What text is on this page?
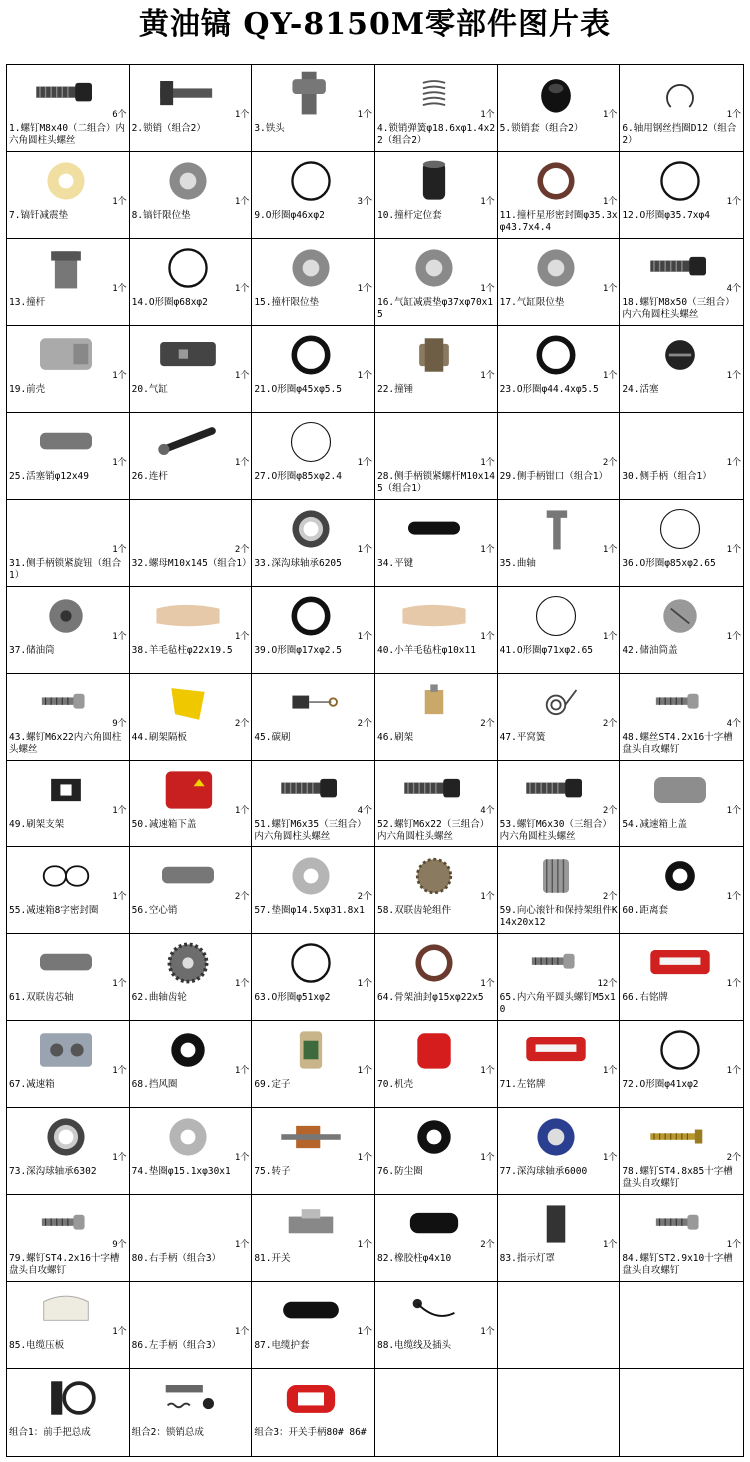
黄油镐 QY-8150M零部件图片表
6个
1.螺钉M8x40（二组合）内六角圆柱头螺丝
1个
2.锁销（组合2）
1个
3.铁头
1个
4.锁销弹簧φ18.6xφ1.4x22（组合2）
1个
5.锁销套（组合2）
1个
6.轴用钢丝挡圈D12（组合2）
1个
7.镐钎减震垫
1个
8.镐钎限位垫
3个
9.O形圈φ46xφ2
1个
10.撞杆定位套
1个
11.撞杆星形密封圈φ35.3xφ43.7x4.4
1个
12.O形圈φ35.7xφ4
1个
13.撞杆
1个
14.O形圈φ68xφ2
1个
15.撞杆限位垫
1个
16.气缸减震垫φ37xφ70x15
1个
17.气缸限位垫
4个
18.螺钉M8x50（三组合）内六角圆柱头螺丝
1个
19.前壳
1个
20.气缸
1个
21.O形圈φ45xφ5.5
1个
22.撞锤
1个
23.O形圈φ44.4xφ5.5
1个
24.活塞
1个
25.活塞销φ12x49
1个
26.连杆
1个
27.O形圈φ85xφ2.4
1个
28.侧手柄锁紧螺杆M10x145（组合1）
2个
29.侧手柄钳口（组合1）
1个
30.侧手柄（组合1）
1个
31.侧手柄锁紧旋钮（组合1）
2个
32.螺母M10x145（组合1）
1个
33.深沟球轴承6205
1个
34.平键
1个
35.曲轴
1个
36.O形圈φ85xφ2.65
1个
37.储油筒
1个
38.羊毛毡柱φ22x19.5
1个
39.O形圈φ17xφ2.5
1个
40.小羊毛毡柱φ10x11
1个
41.O形圈φ71xφ2.65
1个
42.储油筒盖
9个
43.螺钉M6x22内六角圆柱头螺丝
2个
44.刷架隔板
2个
45.碳刷
2个
46.刷架
2个
47.平窝簧
4个
48.螺丝ST4.2x16十字槽盘头自攻螺钉
1个
49.刷架支架
1个
50.减速箱下盖
4个
51.螺钉M6x35（三组合）内六角圆柱头螺丝
4个
52.螺钉M6x22（三组合）内六角圆柱头螺丝
2个
53.螺钉M6x30（三组合）内六角圆柱头螺丝
1个
54.减速箱上盖
1个
55.减速箱8字密封圈
2个
56.空心销
2个
57.垫圈φ14.5xφ31.8x1
1个
58.双联齿轮组件
2个
59.向心滚针和保持架组件K14x20x12
1个
60.距离套
1个
61.双联齿芯轴
1个
62.曲轴齿轮
1个
63.O形圈φ51xφ2
1个
64.骨架油封φ15xφ22x5
12个
65.内六角平圆头螺钉M5x10
1个
66.右铭牌
1个
67.减速箱
1个
68.挡风圈
1个
69.定子
1个
70.机壳
1个
71.左铭牌
1个
72.O形圈φ41xφ2
1个
73.深沟球轴承6302
1个
74.垫圈φ15.1xφ30x1
1个
75.转子
1个
76.防尘圈
1个
77.深沟球轴承6000
2个
78.螺钉ST4.8x85十字槽盘头自攻螺钉
9个
79.螺钉ST4.2x16十字槽盘头自攻螺钉
1个
80.右手柄（组合3）
1个
81.开关
2个
82.橡胶柱φ4x10
1个
83.指示灯罩
1个
84.螺钉ST2.9x10十字槽盘头自攻螺钉
1个
85.电缆压板
1个
86.左手柄（组合3）
1个
87.电缆护套
1个
88.电缆线及插头
组合1：前手把总成	组合2：锁销总成	组合3：开关手柄80# 86#
